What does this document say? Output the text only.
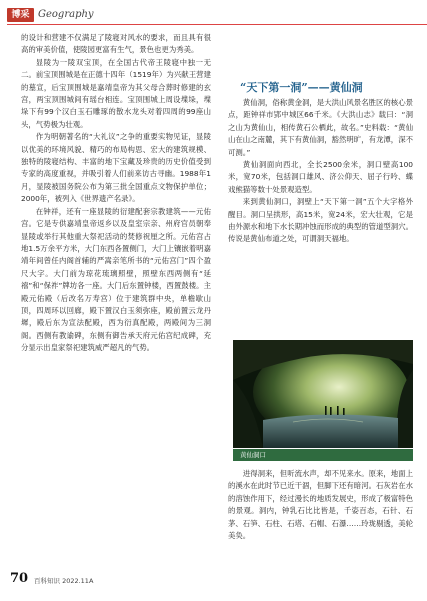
博采 Geography

的设计和营建不仅满足了陵寝对风水的要求，而且具有很高的审美价值，使陵园更富有生气，景色也更为秀美。

显陵为一陵双宝顶，在全国古代帝王陵寝中独一无二。前宝顶围城是在正德十四年（1519年）为兴献王营建的墓宣，后宝顶围城是嘉靖皇帝为其父母合葬时修建的玄宫，两宝顶围城间有瑶台相连。宝顶围城上周设堞垛，堞垛下有99个汉白玉石雕琢的散水龙头对着四周的99座山头，气势极为壮观。

作为明朝著名的“大礼议”之争的重要实物见证，显陵以优美的环境风貌、精巧的布局构思、宏大的建筑规模、独特的陵寝结构、丰富的地下宝藏及珍贵的历史价值受到专家的高度重视，并吸引着人们前来访古寻幽。1988年1月，显陵被国务院公布为第三批全国重点文物保护单位；2000年，被列入《世界遗产名录》。

在钟祥，还有一座显陵的衍建配套宗教建筑——元佑宫。它是专供嘉靖皇帝返乡以及皇室宗亲、州府官员朝奉显陵或举行其他重大祭祀活动的焚修祝厘之所。元佑宫占地1.5万余平方米，大门东西各置侧门，大门上镶嵌着明嘉靖年间曾任内阁首辅的严嵩亲笔所书的“元佑宫门”四个盈尺大字。大门前为琼花琉璃照壁，照壁东西两侧有“延禧”和“保祚”牌坊各一座。大门后东置钟楼，西置鼓楼。主殿元佑殿（后改名万寿宫）位于建筑群中央，单檐歇山顶，四周环以回廊，殿下置汉白玉须弥座，殿前置云龙丹墀，殿后东为宣法配殿，西为衍真配殿，两殿间为三洞阁。西侧有教谕碑，东侧有御告承天府元佑宫纪成碑，充分显示出皇家祭祀建筑威严超凡的气势。

“天下第一洞”——黄仙洞

黄仙洞，俗称黄金洞，是大洪山风景名胜区的核心景点，距钟祥市郢中城区66千米。《大洪山志》载曰：“洞之山为黄仙山，相传黄石公栖此，故名。”史料载：“黄仙山在山之南麓，其下有黄仙洞，豁然明旷，有龙潭，深不可测。”

黄仙洞面向西北，全长2500余米，洞口壁高100米，宽70米，包括洞口雄风、济公仰天、屈子行吟、蝶戏熊猫等数十处景观造型。

来到黄仙洞口，洞壁上“天下第一洞”五个大字格外醒目。洞口呈拱形，高15米，宽24米，宏大壮观，它是由外源水和地下水长期冲蚀而形成的典型的管道型洞穴。传说是黄仙布道之处，可谓洞天福地。

黄仙洞口

进得洞来，但听流水声，却不见来水。原来，地面上的溪水在此时节已近干涸，但脚下还有暗河。石灰岩在水的溶蚀作用下，经过漫长的地质发展史，形成了极富特色的景观。洞内，钟乳石比比皆是，千姿百态，石针、石茅、石笋、石柱、石塔、石帽、石瀑……玲珑剔透，美轮美奂。

70 百科知识 2022.11A
